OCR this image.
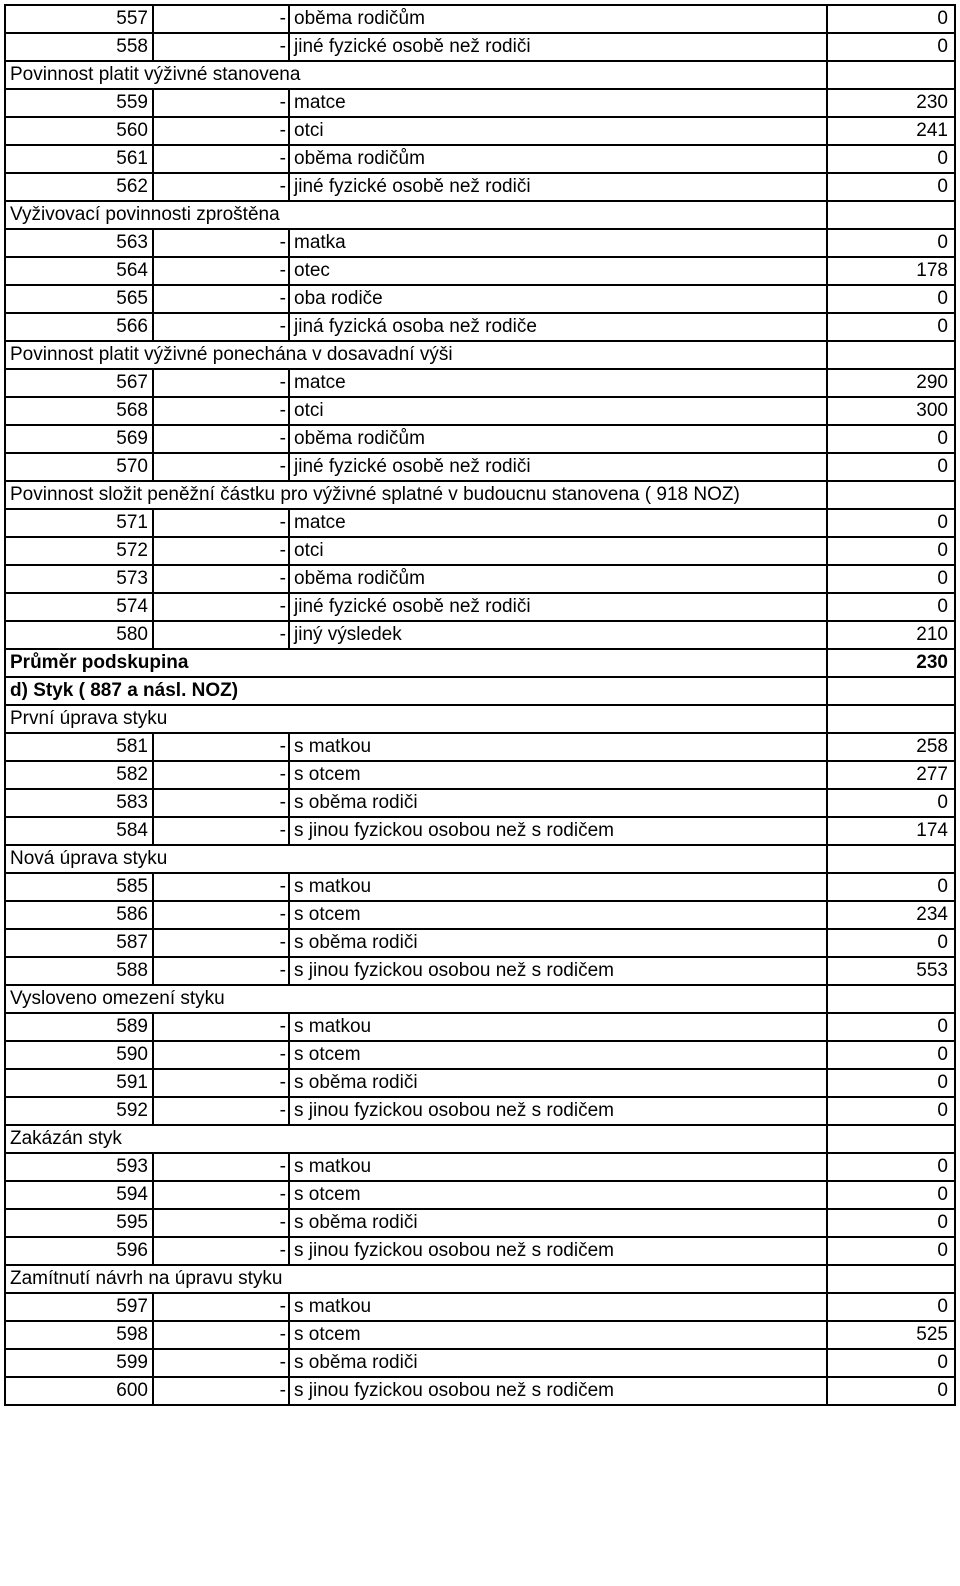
557	-	oběma rodičům	0
558	-	jiné fyzické osobě než rodiči	0
Povinnost platit výživné stanovena			
559	-	matce	230
560	-	otci	241
561	-	oběma rodičům	0
562	-	jiné fyzické osobě než rodiči	0
Vyživovací povinnosti zproštěna			
563	-	matka	0
564	-	otec	178
565	-	oba rodiče	0
566	-	jiná fyzická osoba než rodiče	0
Povinnost platit výživné ponechána v dosavadní výši			
567	-	matce	290
568	-	otci	300
569	-	oběma rodičům	0
570	-	jiné fyzické osobě než rodiči	0
Povinnost složit peněžní částku pro výživné splatné v budoucnu stanovena ( 918 NOZ)			
571	-	matce	0
572	-	otci	0
573	-	oběma rodičům	0
574	-	jiné fyzické osobě než rodiči	0
580	-	jiný výsledek	210
Průměr podskupina			230
d) Styk ( 887 a násl. NOZ)			
První úprava styku			
581	-	s matkou	258
582	-	s otcem	277
583	-	s oběma rodiči	0
584	-	s jinou fyzickou osobou než s rodičem	174
Nová úprava styku			
585	-	s matkou	0
586	-	s otcem	234
587	-	s oběma rodiči	0
588	-	s jinou fyzickou osobou než s rodičem	553
Vysloveno omezení styku			
589	-	s matkou	0
590	-	s otcem	0
591	-	s oběma rodiči	0
592	-	s jinou fyzickou osobou než s rodičem	0
Zakázán styk			
593	-	s matkou	0
594	-	s otcem	0
595	-	s oběma rodiči	0
596	-	s jinou fyzickou osobou než s rodičem	0
Zamítnutí návrh na úpravu styku			
597	-	s matkou	0
598	-	s otcem	525
599	-	s oběma rodiči	0
600	-	s jinou fyzickou osobou než s rodičem	0
